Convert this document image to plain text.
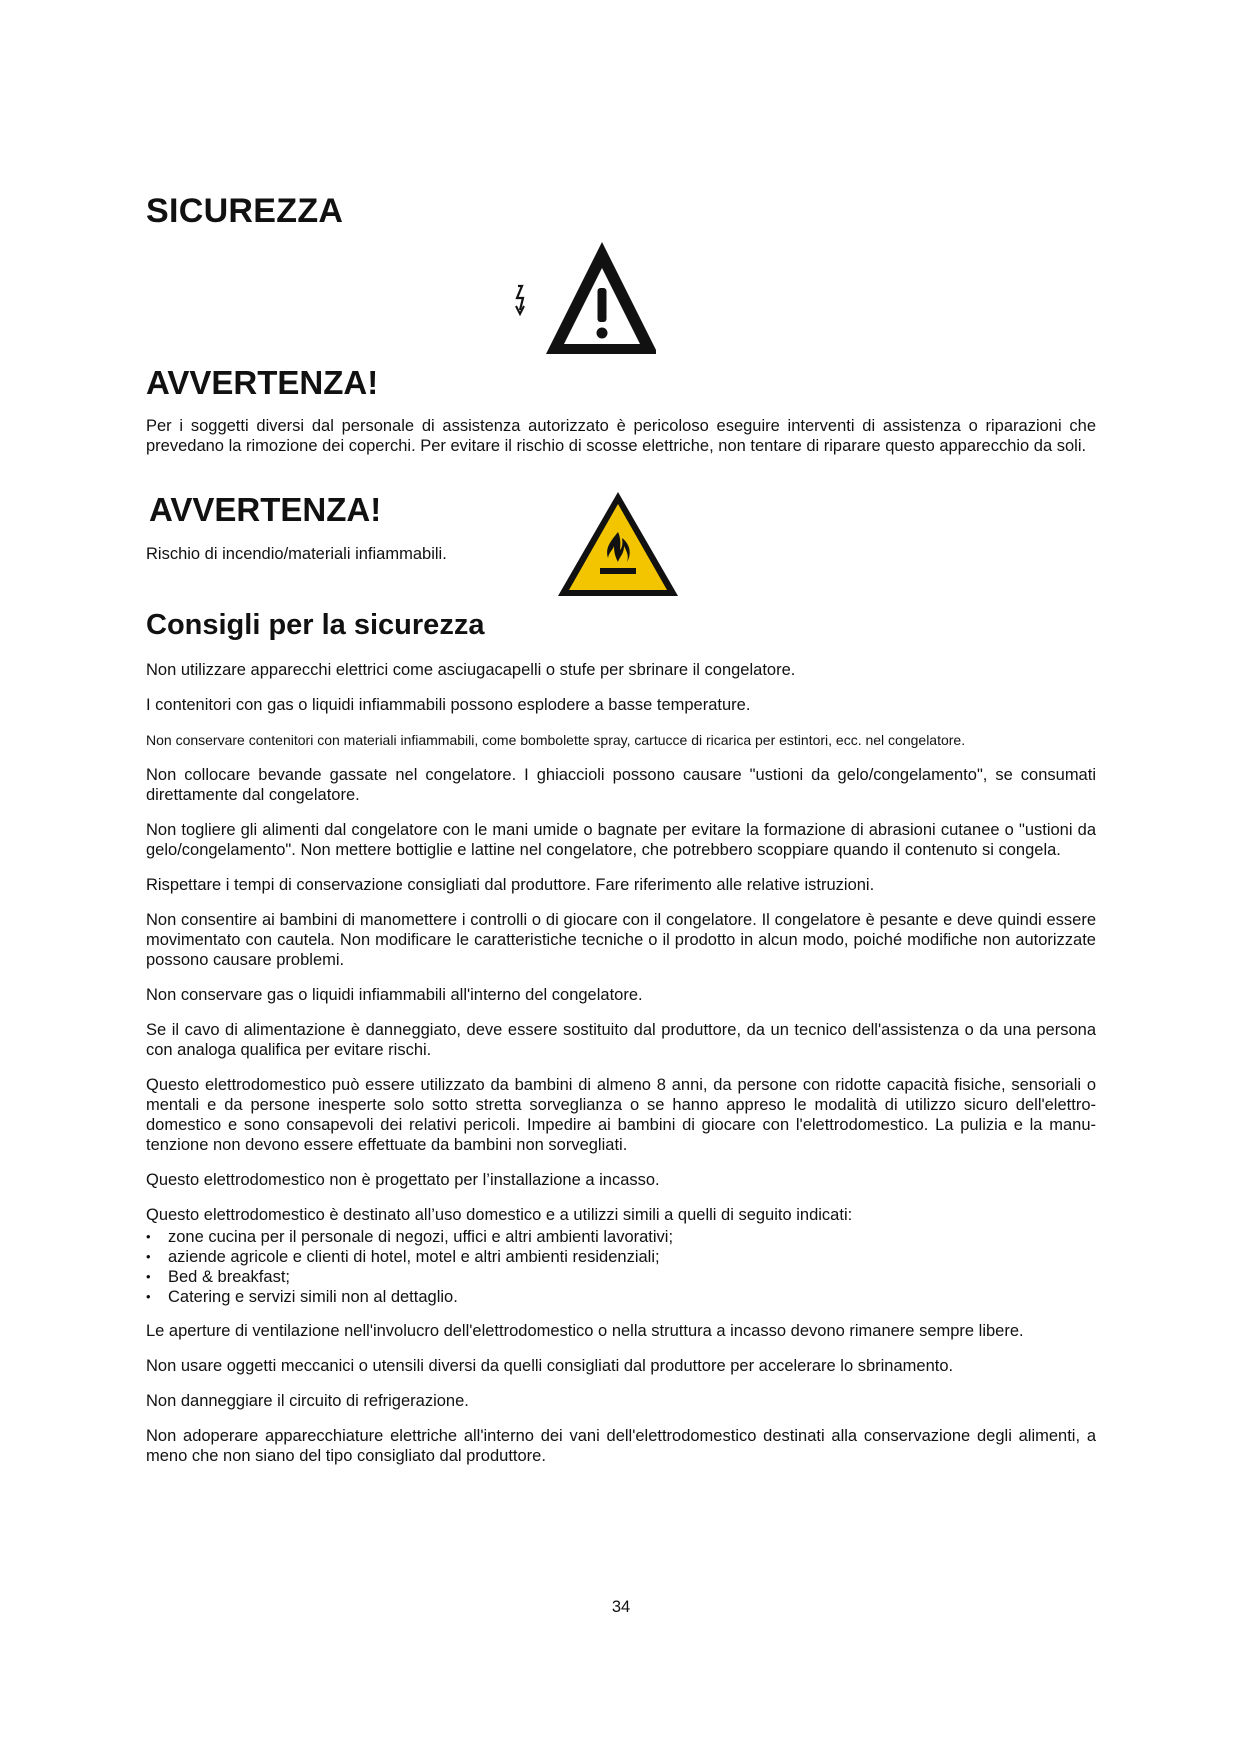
SICUREZZA
AVVERTENZA!

Per i soggetti diversi dal personale di assistenza autorizzato è pericoloso eseguire interventi di assistenza o riparazioni che prevedano la rimozione dei coperchi. Per evitare il rischio di scosse elettriche, non tentare di riparare questo apparecchio da soli.

AVVERTENZA!

Rischio di incendio/materiali infiammabili.

Consigli per la sicurezza

Non utilizzare apparecchi elettrici come asciugacapelli o stufe per sbrinare il congelatore.

I contenitori con gas o liquidi infiammabili possono esplodere a basse temperature.

Non conservare contenitori con materiali infiammabili, come bombolette spray, cartucce di ricarica per estintori, ecc. nel congelatore.

Non collocare bevande gassate nel congelatore. I ghiaccioli possono causare "ustioni da gelo/congelamento", se consumati direttamente dal congelatore.

Non togliere gli alimenti dal congelatore con le mani umide o bagnate per evitare la formazione di abrasioni cutanee o "ustioni da gelo/congelamento". Non mettere bottiglie e lattine nel congelatore, che potrebbero scoppiare quando il contenuto si congela.

Rispettare i tempi di conservazione consigliati dal produttore. Fare riferimento alle relative istruzioni.

Non consentire ai bambini di manomettere i controlli o di giocare con il congelatore. Il congelatore è pesante e deve quindi essere movimentato con cautela. Non modificare le caratteristiche tecniche o il prodotto in alcun modo, poiché modifiche non autorizzate possono causare problemi.

Non conservare gas o liquidi infiammabili all'interno del congelatore.

Se il cavo di alimentazione è danneggiato, deve essere sostituito dal produttore, da un tecnico dell'assistenza o da una persona con analoga qualifica per evitare rischi.

Questo elettrodomestico può essere utilizzato da bambini di almeno 8 anni, da persone con ridotte capacità fisiche, sensoriali o mentali e da persone inesperte solo sotto stretta sorveglianza o se hanno appreso le modalità di utilizzo sicuro dell'elettro-domestico e sono consapevoli dei relativi pericoli. Impedire ai bambini di giocare con l'elettrodomestico. La pulizia e la manu-tenzione non devono essere effettuate da bambini non sorvegliati.

Questo elettrodomestico non è progettato per l’installazione a incasso.

Questo elettrodomestico è destinato all’uso domestico e a utilizzi simili a quelli di seguito indicati:

• zone cucina per il personale di negozi, uffici e altri ambienti lavorativi;
• aziende agricole e clienti di hotel, motel e altri ambienti residenziali;
• Bed & breakfast;
• Catering e servizi simili non al dettaglio.

Le aperture di ventilazione nell'involucro dell'elettrodomestico o nella struttura a incasso devono rimanere sempre libere.

Non usare oggetti meccanici o utensili diversi da quelli consigliati dal produttore per accelerare lo sbrinamento.

Non danneggiare il circuito di refrigerazione.

Non adoperare apparecchiature elettriche all'interno dei vani dell'elettrodomestico destinati alla conservazione degli alimenti, a meno che non siano del tipo consigliato dal produttore.

34
